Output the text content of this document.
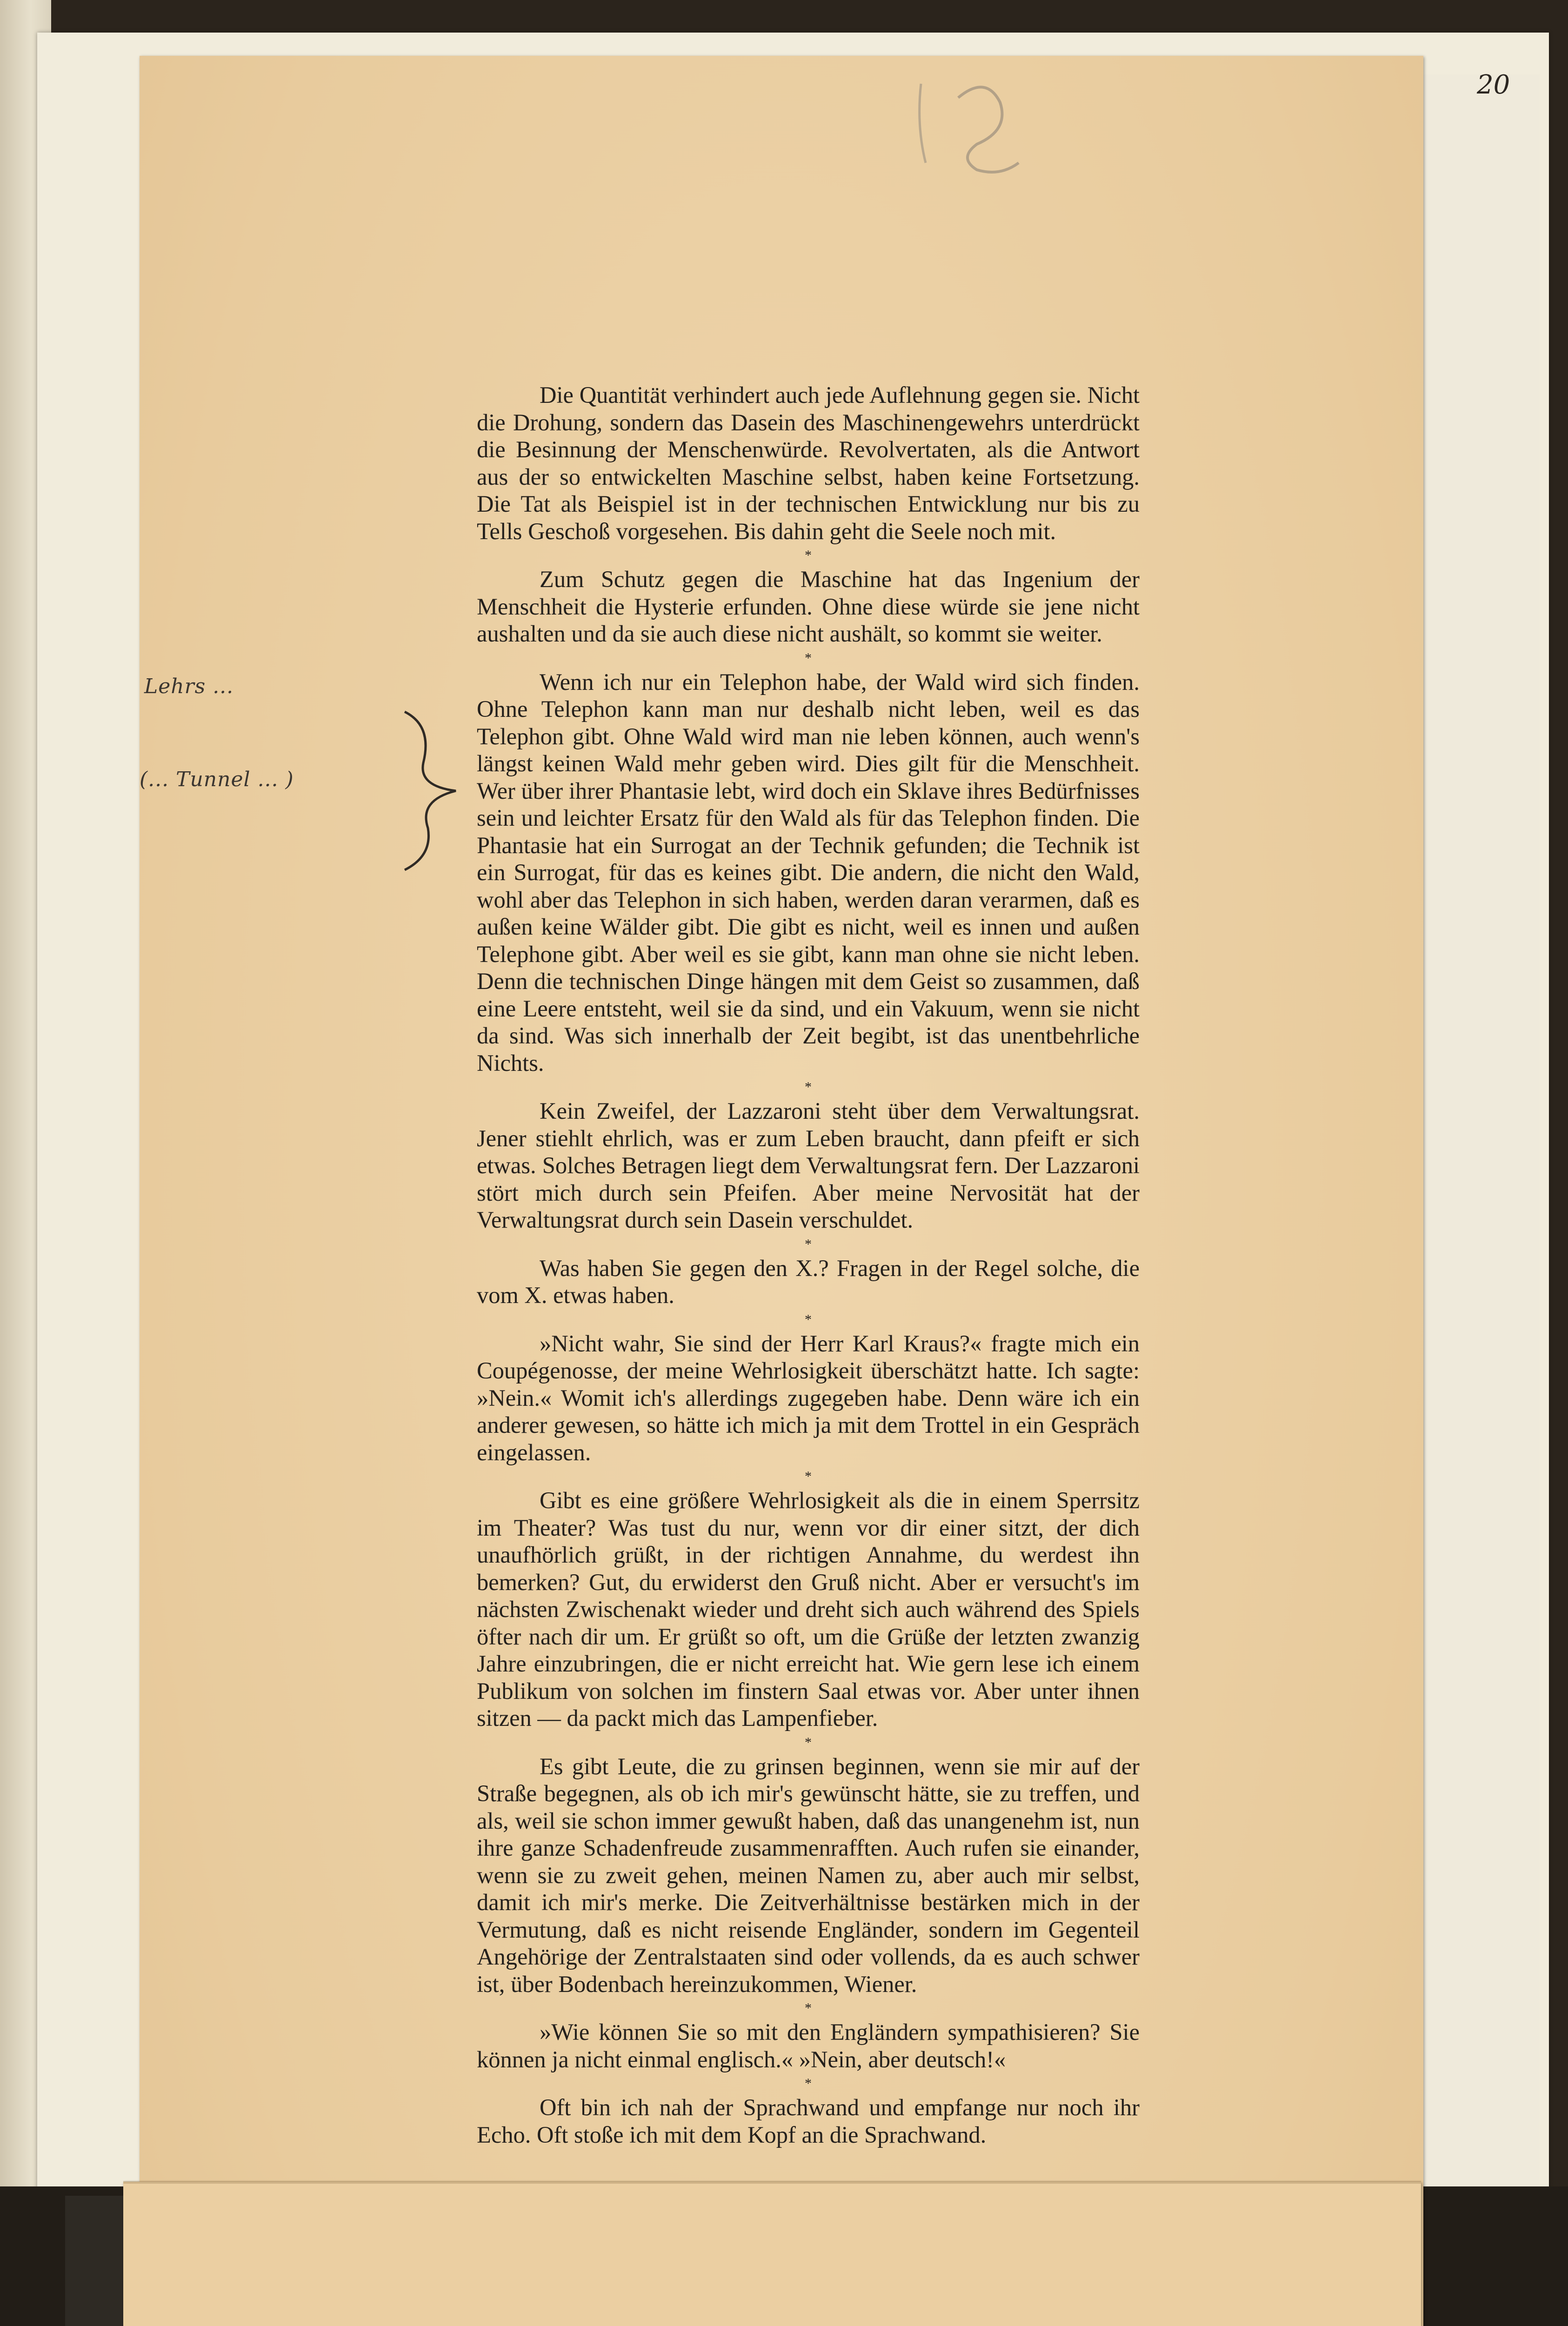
20
Lehrs ...
(... Tunnel ... )

Die Quantität verhindert auch jede Auflehnung gegen sie. Nicht die Drohung, sondern das Dasein des Maschinengewehrs unterdrückt die Besinnung der Menschenwürde. Revolvertaten, als die Antwort aus der so entwickelten Maschine selbst, haben keine Fortsetzung. Die Tat als Beispiel ist in der technischen Entwicklung nur bis zu Tells Geschoß vorgesehen. Bis dahin geht die Seele noch mit.

*

Zum Schutz gegen die Maschine hat das Ingenium der Menschheit die Hysterie erfunden. Ohne diese würde sie jene nicht aushalten und da sie auch diese nicht aushält, so kommt sie weiter.

*

Wenn ich nur ein Telephon habe, der Wald wird sich finden. Ohne Telephon kann man nur deshalb nicht leben, weil es das Telephon gibt. Ohne Wald wird man nie leben können, auch wenn's längst keinen Wald mehr geben wird. Dies gilt für die Menschheit. Wer über ihrer Phantasie lebt, wird doch ein Sklave ihres Bedürfnisses sein und leichter Ersatz für den Wald als für das Telephon finden. Die Phantasie hat ein Surrogat an der Technik gefunden; die Technik ist ein Surrogat, für das es keines gibt. Die andern, die nicht den Wald, wohl aber das Telephon in sich haben, werden daran verarmen, daß es außen keine Wälder gibt. Die gibt es nicht, weil es innen und außen Telephone gibt. Aber weil es sie gibt, kann man ohne sie nicht leben. Denn die technischen Dinge hängen mit dem Geist so zusammen, daß eine Leere entsteht, weil sie da sind, und ein Vakuum, wenn sie nicht da sind. Was sich innerhalb der Zeit begibt, ist das unentbehrliche Nichts.

*

Kein Zweifel, der Lazzaroni steht über dem Verwaltungsrat. Jener stiehlt ehrlich, was er zum Leben braucht, dann pfeift er sich etwas. Solches Betragen liegt dem Verwaltungsrat fern. Der Lazzaroni stört mich durch sein Pfeifen. Aber meine Nervosität hat der Verwaltungsrat durch sein Dasein verschuldet.

*

Was haben Sie gegen den X.? Fragen in der Regel solche, die vom X. etwas haben.

*

»Nicht wahr, Sie sind der Herr Karl Kraus?« fragte mich ein Coupégenosse, der meine Wehrlosigkeit überschätzt hatte. Ich sagte: »Nein.« Womit ich's allerdings zugegeben habe. Denn wäre ich ein anderer gewesen, so hätte ich mich ja mit dem Trottel in ein Gespräch eingelassen.

*

Gibt es eine größere Wehrlosigkeit als die in einem Sperrsitz im Theater? Was tust du nur, wenn vor dir einer sitzt, der dich unaufhörlich grüßt, in der richtigen Annahme, du werdest ihn bemerken? Gut, du erwiderst den Gruß nicht. Aber er versucht's im nächsten Zwischenakt wieder und dreht sich auch während des Spiels öfter nach dir um. Er grüßt so oft, um die Grüße der letzten zwanzig Jahre einzubringen, die er nicht erreicht hat. Wie gern lese ich einem Publikum von solchen im finstern Saal etwas vor. Aber unter ihnen sitzen — da packt mich das Lampenfieber.

*

Es gibt Leute, die zu grinsen beginnen, wenn sie mir auf der Straße begegnen, als ob ich mir's gewünscht hätte, sie zu treffen, und als, weil sie schon immer gewußt haben, daß das unangenehm ist, nun ihre ganze Schadenfreude zusammenrafften. Auch rufen sie einander, wenn sie zu zweit gehen, meinen Namen zu, aber auch mir selbst, damit ich mir's merke. Die Zeitverhältnisse bestärken mich in der Vermutung, daß es nicht reisende Engländer, sondern im Gegenteil Angehörige der Zentralstaaten sind oder vollends, da es auch schwer ist, über Bodenbach hereinzukommen, Wiener.

*

»Wie können Sie so mit den Engländern sympathisieren? Sie können ja nicht einmal englisch.« »Nein, aber deutsch!«

*

Oft bin ich nah der Sprachwand und empfange nur noch ihr Echo. Oft stoße ich mit dem Kopf an die Sprachwand.
